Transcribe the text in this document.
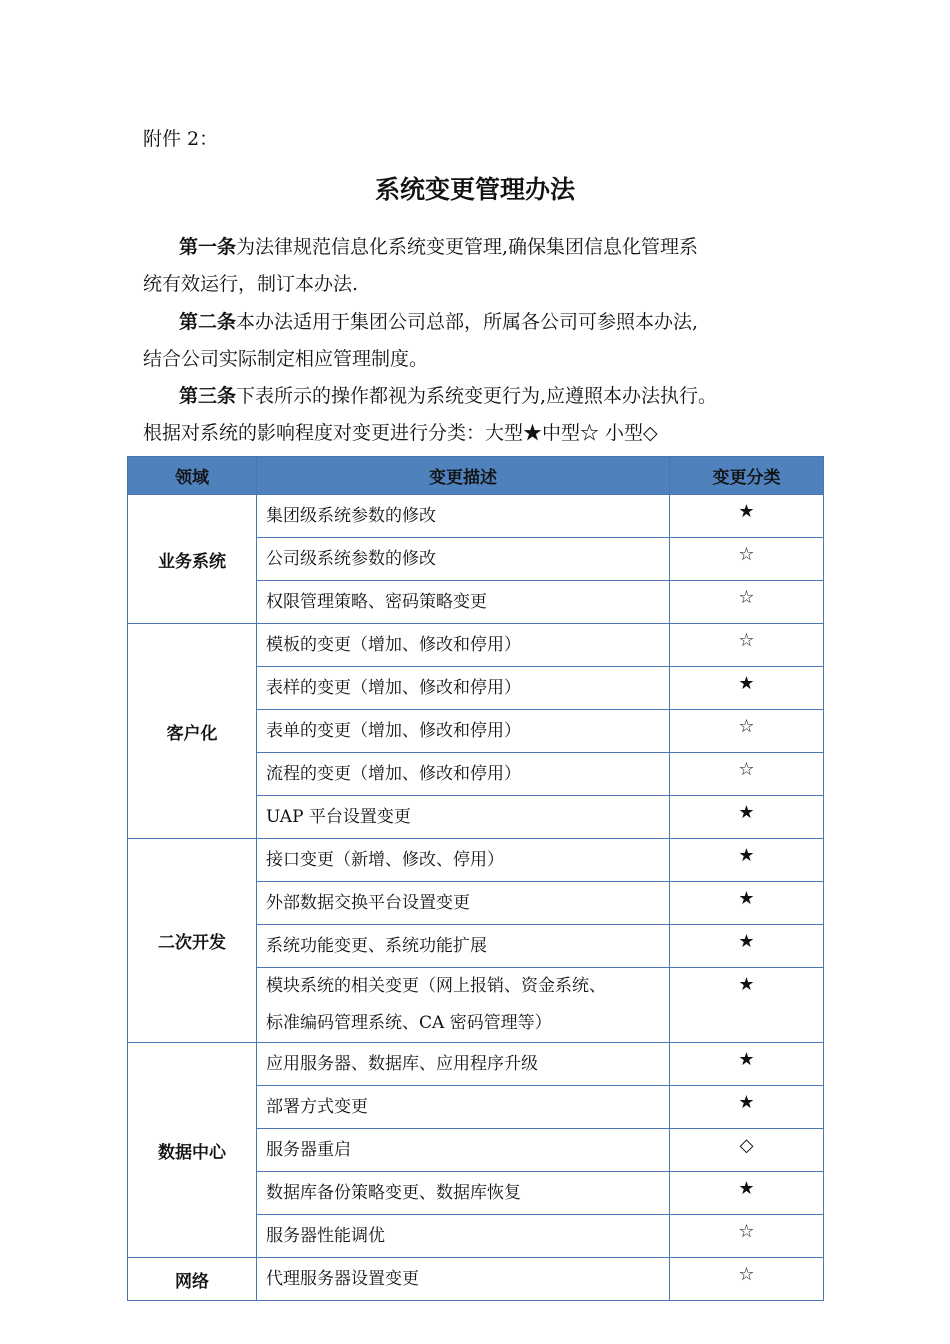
附件 2：
系统变更管理办法
第一条为法律规范信息化系统变更管理,确保集团信息化管理系
统有效运行，制订本办法.
第二条本办法适用于集团公司总部，所属各公司可参照本办法,
结合公司实际制定相应管理制度。
第三条下表所示的操作都视为系统变更行为,应遵照本办法执行。
根据对系统的影响程度对变更进行分类：大型★中型☆ 小型◇
领域	变更描述	变更分类
业务系统	集团级系统参数的修改	★

	公司级系统参数的修改	☆

	权限管理策略、密码策略变更	☆
客户化	模板的变更（增加、修改和停用）	☆

	表样的变更（增加、修改和停用）	★

	表单的变更（增加、修改和停用）	☆

	流程的变更（增加、修改和停用）	☆

	UAP 平台设置变更	★
二次开发	接口变更（新增、修改、停用）	★

	外部数据交换平台设置变更	★

	系统功能变更、系统功能扩展	★

	模块系统的相关变更（网上报销、资金系统、
标准编码管理系统、CA 密码管理等）	★
数据中心	应用服务器、数据库、应用程序升级	★

	部署方式变更	★

	服务器重启	◇

	数据库备份策略变更、数据库恢复	★

	服务器性能调优	☆
网络	代理服务器设置变更	☆
